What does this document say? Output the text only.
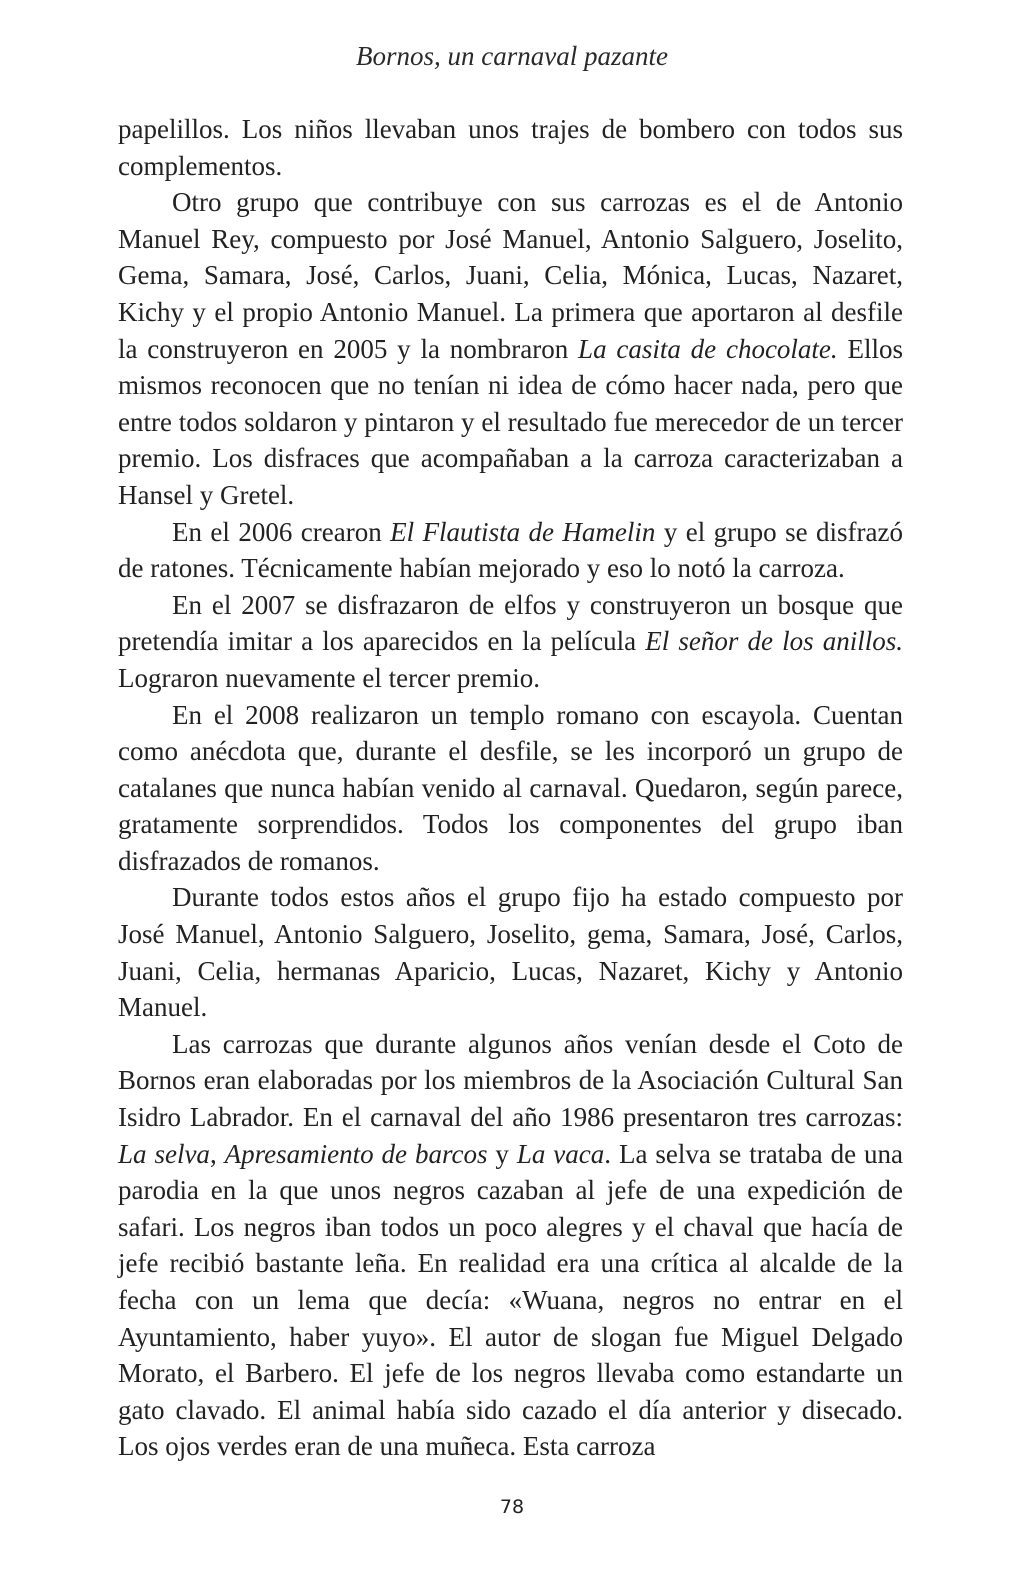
Bornos, un carnaval pazante

papelillos. Los niños llevaban unos trajes de bombero con todos sus complementos.

Otro grupo que contribuye con sus carrozas es el de Antonio Manuel Rey, compuesto por José Manuel, Antonio Salguero, Joselito, Gema, Samara, José, Carlos, Juani, Celia, Mónica, Lucas, Nazaret, Kichy y el propio Antonio Manuel. La primera que aportaron al desfile la construyeron en 2005 y la nombraron La casita de chocolate. Ellos mismos reconocen que no tenían ni idea de cómo hacer nada, pero que entre todos soldaron y pintaron y el resultado fue merecedor de un tercer premio. Los disfraces que acompañaban a la carroza caracterizaban a Hansel y Gretel.

En el 2006 crearon El Flautista de Hamelin y el grupo se disfrazó de ratones. Técnicamente habían mejorado y eso lo notó la carroza.

En el 2007 se disfrazaron de elfos y construyeron un bosque que pretendía imitar a los aparecidos en la película El señor de los anillos. Lograron nuevamente el tercer premio.

En el 2008 realizaron un templo romano con escayola. Cuentan como anécdota que, durante el desfile, se les incorporó un grupo de catalanes que nunca habían venido al carnaval. Quedaron, según parece, gratamente sorprendidos. Todos los componentes del grupo iban disfrazados de romanos.

Durante todos estos años el grupo fijo ha estado compuesto por José Manuel, Antonio Salguero, Joselito, gema, Samara, José, Carlos, Juani, Celia, hermanas Aparicio, Lucas, Nazaret, Kichy y Antonio Manuel.

Las carrozas que durante algunos años venían desde el Coto de Bornos eran elaboradas por los miembros de la Asociación Cultural San Isidro Labrador. En el carnaval del año 1986 presentaron tres carrozas: La selva, Apresamiento de barcos y La vaca. La selva se trataba de una parodia en la que unos negros cazaban al jefe de una expedición de safari. Los negros iban todos un poco alegres y el chaval que hacía de jefe recibió bastante leña. En realidad era una crítica al alcalde de la fecha con un lema que decía: «Wuana, negros no entrar en el Ayuntamiento, haber yuyo». El autor de slogan fue Miguel Delgado Morato, el Barbero. El jefe de los negros llevaba como estandarte un gato clavado. El animal había sido cazado el día anterior y disecado. Los ojos verdes eran de una muñeca. Esta carroza

78
